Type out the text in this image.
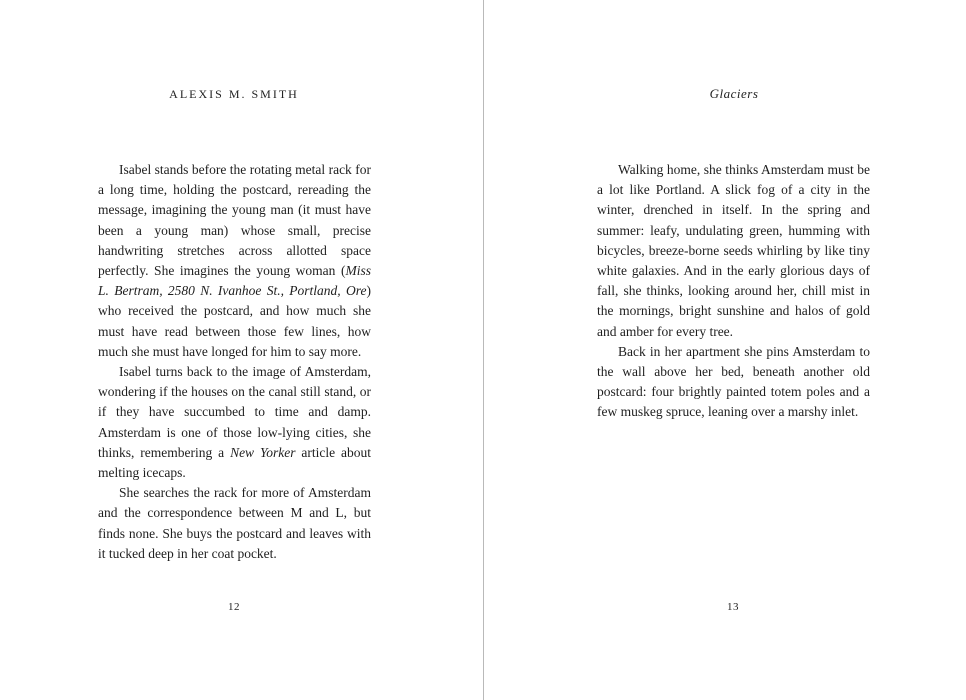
ALEXIS M. SMITH

Isabel stands before the rotating metal rack for a long time, holding the postcard, rereading the message, imagining the young man (it must have been a young man) whose small, precise handwriting stretches across allotted space perfectly. She imagines the young woman (Miss L. Bertram, 2580 N. Ivanhoe St., Portland, Ore) who received the postcard, and how much she must have read between those few lines, how much she must have longed for him to say more.

Isabel turns back to the image of Amsterdam, wondering if the houses on the canal still stand, or if they have succumbed to time and damp. Amsterdam is one of those low-lying cities, she thinks, remembering a New Yorker article about melting icecaps.

She searches the rack for more of Amsterdam and the correspondence between M and L, but finds none. She buys the postcard and leaves with it tucked deep in her coat pocket.

12
Glaciers

Walking home, she thinks Amsterdam must be a lot like Portland. A slick fog of a city in the winter, drenched in itself. In the spring and summer: leafy, undulating green, humming with bicycles, breeze-borne seeds whirling by like tiny white galaxies. And in the early glorious days of fall, she thinks, looking around her, chill mist in the mornings, bright sunshine and halos of gold and amber for every tree.

Back in her apartment she pins Amsterdam to the wall above her bed, beneath another old postcard: four brightly painted totem poles and a few muskeg spruce, leaning over a marshy inlet.

13
